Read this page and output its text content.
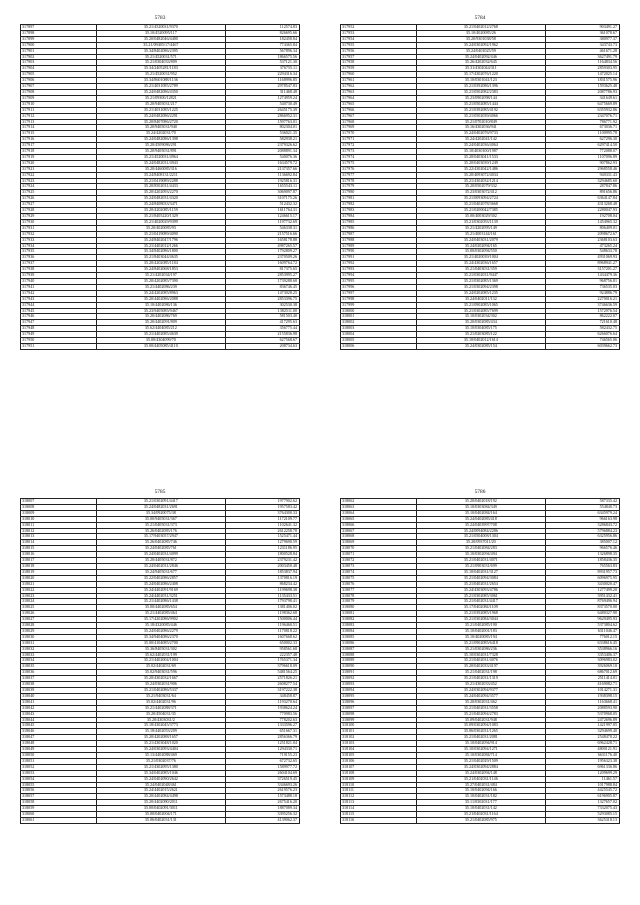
5783
317897	35.21/4520031/9370	112574.83
317898	35.10/4520095/117	826695.66
317899	35.20/0482046/4400	182458.84
317900	35.21/09405/17/4467	774365.84
317901	35.34/8402086/2395	567896.34
317902	35.21/4520031/571	1866575.56
317903	35.21/0304033/809	537121.30
317904	35.34/2405281/1183	376755.11
317905	35.21/4520031/952	2294316.34
317906	35.34/8601088/1136	1168996.85
317907	35.21/4031085/2789	2978547.83
317908	35.24/0482086/4350	311468.48
317909	35.21/09300/12821	1274959.24
317910	35.20/9405031/217	540730.49
317911	35.21/4031085/1225	2645175.39
317912	35.24/0482086/2291	2866952.31
317913	35.20/8407086/2720	1597763.01
317914	35.20/9405031/940	802304.01
317915	35.24/4202031/70	536021.35
317916	35.24/0482086/1398	582938.21
317917	35.20/4509086/291	2379326.62
317918	35.20/9405031/891	2088891.34
317919	35.21/4520031/4964	540076.36
317920	35.24/0482031/4943	1634579.72
317921	35.20/4460085/316	2137357.66
317922	35.24/8408131/2211	1136692.84
317923	35.21/0419089/2288	1925816.31
317924	35.20/8502031/4433	1655543.11
317925	35.20/4202093/2270	3069097.87
317926	35.24/0482031/4320	3107175.26
317927	35.24/8408033/3471	512432.32
317928	35.20/4202085/1159	1611764.31
317929	35.21/8405220/1329	1246615.17
317930	35.21/4020029/9399	1197732.69
317931	35.20/4020085/93	546338.31
317932	35.21/0419089/4090	2157516.66
317933	35.24/8402047/1796	1658178.88
317934	35.21/4402012/1266	4987265.57
317935	35.34/8402086/1800	1792809.27
317936	35.21/8403044/4635	2370509.26
317937	35.20/4202085/1184	1609764.72
317938	35.24/8402068/1853	817375.65
317939	35.21/4202034/197	2853995.27
317940	35.20/4202085/7390	1739288.68
317941	35.21/4402086/239	836746.45
317942	35.24/4202085/8963	1473028.25
317943	35.20/4402086/2088	2853396.75
317944	35.10/4402086/136	302530.38
317945	35.23/9405085/9467	1382511.00
317946	35.20/4402086/769	581503.40
317947	35.20/4402091/809	417295.63
317948	35.62/4404085/212	356775.44
317949	35.21/4402085/4639	2155836.98
317950	35.00/4304099/70	627568.67
317951	35.00/4405085/4110	208734.63
5784
317952	35.21/0402012/2768	903491.27
317953	35.10/4020085/26	361078.67
317954	35.20/9301038/58	380977.37
317955	35.24/0302092/1962	343743.73
317956	35.24/0401025/59	461671.28
317957	35.24/0402092/446	3627491.79
317958	35.26/4202032/645	1164834.56
317959	35.31/4302044/311	2859303.95
317960	35.17/4302076/1220	1472025.14
317961	35.10/0301041/123	1831575.96
317962	35.21/0392086/1396	1593625.48
317963	35.21/0502082/2383	2087786.93
317964	35.23/0902098/144	341649.61
317965	35.21/0502085/1444	6475669.89
317966	35.21/0392085/4192	6355932.86
317967	35.21/0502039/4066	2347076.71
317968	35.21/0702010/849	786771.92
317969	35.16/4302036/941	673036.71
317970	35.24/0402076/9733	1100995.78
317971	35.24/4202041/142	627296.30
317972	35.24/0402036/4064	6297414.50
317973	35.10/4030100/1987	772088.07
317974	35.20/0403041/1533	1107096.89
317975	35.20/0403039/1249	907862.93
317976	35.22/4302042/1486	2968558.46
317977	35.20/4093072/4034	940331.43
317978	35.21/4302032/1214	3294685.60
317979	35.20/0502079/332	287847.86
317980	35.23/0303072/412	891656.86
317981	35.21/0093094/2724	6364147.84
317982	35.21/0402078/3668	4313268.48
317983	35.21/0200042/7385	2280047.93
317984	35.00/4003029/302	192708.04
317985	35.21/0302053/1139	1454965.32
317986	35.21/4202095/149	806409.01
317987	35.21/4003144/161	2098672.67
317988	35.24/0403031/2079	2368103.63
317989	35.24/0202094/165	473265.24
317990	35.00/0302094/550	548633.78
317991	35.21/4020039/1004	4931069.93
317992	35.24/4302036/1657	8968941.27
317993	35.21/0403031/359	3157201.27
317994	35.21/0302031/9447	1434479.36
317995	35.21/0302085/1369	968756.81
317996	35.21/0302094/2398	736535.03
317997	35.24/0202085/1235	924886.79
317998	35.24/0402011/132	2270016.21
317999	35.21/0902085/1065	3746636.59
318000	35.21/0302085/7699	1572976.54
318001	35.10/0302034/302	862222.07
318002	35.20/0302085/434	721610.48
318003	35.10/0304085/175	582432.75
318004	35.21/0203085/122	6266076.64
318005	35.10/0402012/1614	746565.06
318006	35.24/0302085/154	6039662.73
5785
318007	35.21/0302091/4417	1977902.62
318008	35.24/0482031/2691	1957583.42
318009	35.34/0920075/38	3764300.33
318010	35.00/9405031/367	1172109.77
318011	35.21/0405031/373	1102641.32
318012	35.26/0402085/176	2612258.78
318013	35.17/9403057/2947	1525471.44
318014	35.26/0402085/746	1279690.59
318015	35.24/0402085/761	1231186.95
318016	35.24/0402031/4099	1800528.84
318017	35.20/4405031/872	2379231.42
318018	35.24/0402031/2846	2003450.48
318019	35.24/9405031/677	1853837.94
318020	35.22/0402086/2857	1370816.19
318021	35.24/0402086/2408	868234.42
318022	35.24/4402091/9169	1199698.38
318023	35.24/4402031/3251	1135433.51
318024	35.21/4402086/1438	1793798.41
318025	35.00/4402085/654	1381406.02
318026	35.21/4402085/464	1198362.68
318027	35.17/4202086/9902	1500006.44
318028	35.18/4320085/446	1196460.51
318029	35.24/0402086/2279	1170818.22
318030	35.34/9404086/2370	1607668.62
318031	35.00/4104085/2700	650002.33
318032	35.36/8405031/302	958561.68
318033	35.62/4402031/199	222357.48
318034	35.21/4402004/1004	1765371.34
318035	35.02/4402031/69	3796618.09
318036	35.02/9403031/596	5481564.25
318037	35.20/4302032/1667	2571826.21
318038	35.24/0302031/906	2608277.54
318039	35.21/0402086/5337	3197222.38
318040	35.21/9403031/64	348458.87
318041	35.02/4402031/96	1193270.64
318042	35.21/4402088/371	1938624.24
318043	35.20/4504031/35	770983.56
318044	35.20/4303031/2	778202.63
318045	35.18/4302045/3773	1333596.27
318046	35.18/4402053/209	651667.31
318047	35.20/4202088/1657	2856366.79
318048	35.21/4303048/1020	1251821.04
318049	35.24/0302093/4404	1294330.71
318050	35.13/4402088/469	719155.23
318051	35.21/0302037/76	672732.65
318052	35.21/4302095/1380	1589977.72
318053	35.34/0402085/1046	2604104.69
318054	35.24/0402090/2642	3726519.45
318055	35.24/0402048/461	3346693.26
318056	35.24/4402015/2621	2619576.23
318057	35.20/4402084/4498	1573488.18
318058	35.20/4402090/2011	2675416.20
318059	35.00/0402091/3011	1887089.34
318060	35.00/0402004/171	3395256.32
318061	35.06/0402031/131	4139062.37
5786
318062	35.20/0402018/192	587335.42
318063	35.10/0303084/349	554840.73
318064	35.10/0402084/164	6345979.24
318065	35.24/0402085/418	966163.98
318066	35.24/0403997/708	3286843.72
318067	35.24/0094084/2286	5796884.23
318068	35.21/0504008/1304	6325956.86
318069	35.20/0937011/20	385007.12
318070	35.21/0402084/283	966576.46
318071	35.10/0302094/494	1326898.35
318072	35.21/0402031/4071	1858436.35
318073	35.21/0903031/699	765563.83
318074	35.10/0402031/3127	8931957.73
318075	35.21/0402094/3084	6096975.95
318076	35.21/0402031/2654	3430020.47
318077	35.24/4303093/4786	1277499.20
318078	35.21/0302085/3061	3951432.41
318079	35.21/0402031/4417	8769496.94
318080	35.17/0402084/1109	8373570.00
318081	35.21/0392085/1968	6480327.90
318082	35.21/0302084/3044	9629495.93
318083	35.21/0402085/190	5373804.62
318084	35.10/0402001/183	6311046.47
318085	35.10/4020085/194	776012.15
318086	35.21/0902085/6418	6338616.45
318087	35.21/0302086/236	3538966.16
318088	35.10/0302031/7328	3353406.37
318089	35.21/0402031/4076	3096983.02
318090	35.20/0402033/4197	3926069.10
318091	35.21/0402031/198	6867012.69
318092	35.21/0402031/1319	2511414.01
318093	35.21/4302033/452	4169082.71
318094	35.24/0302094/9377	1014271.31
318095	35.24/0402094/3577	1938398.15
318096	35.20/0302031/462	1163668.41
318097	35.21/0402031/3558	2088593.90
318098	35.21/0402094/2783	5370968.05
318099	35.09/0402031/948	2472696.89
318100	35.09/0302094/1083	1421997.05
318101	35.06/0302031/1265	3294699.40
318102	35.21/0402031/2081	2548470.22
318103	35.10/0402094/914	6962428.71
318104	35.10/0302094/1271	4800121.91
318105	35.10/0302084/714	6631176.40
318106	35.21/0402029/1509	1956323.38
318107	35.24/0302094/2884	6961336.86
318108	35.24/0302094/148	1209699.29
318109	35.21/0402031/1146	11461.57
318110	35.27/0402031/484	1017988.84
318111	35.10/0402094/166	4425545.72
318112	35.10/0402031/182	6196905.87
318113	35.11/0302031/177	1327657.02
318114	35.10/0402031/142	7332075.43
318115	35.21/0402031/1164	5293085.15
318116	35.21/0402085/975	3625318.13
